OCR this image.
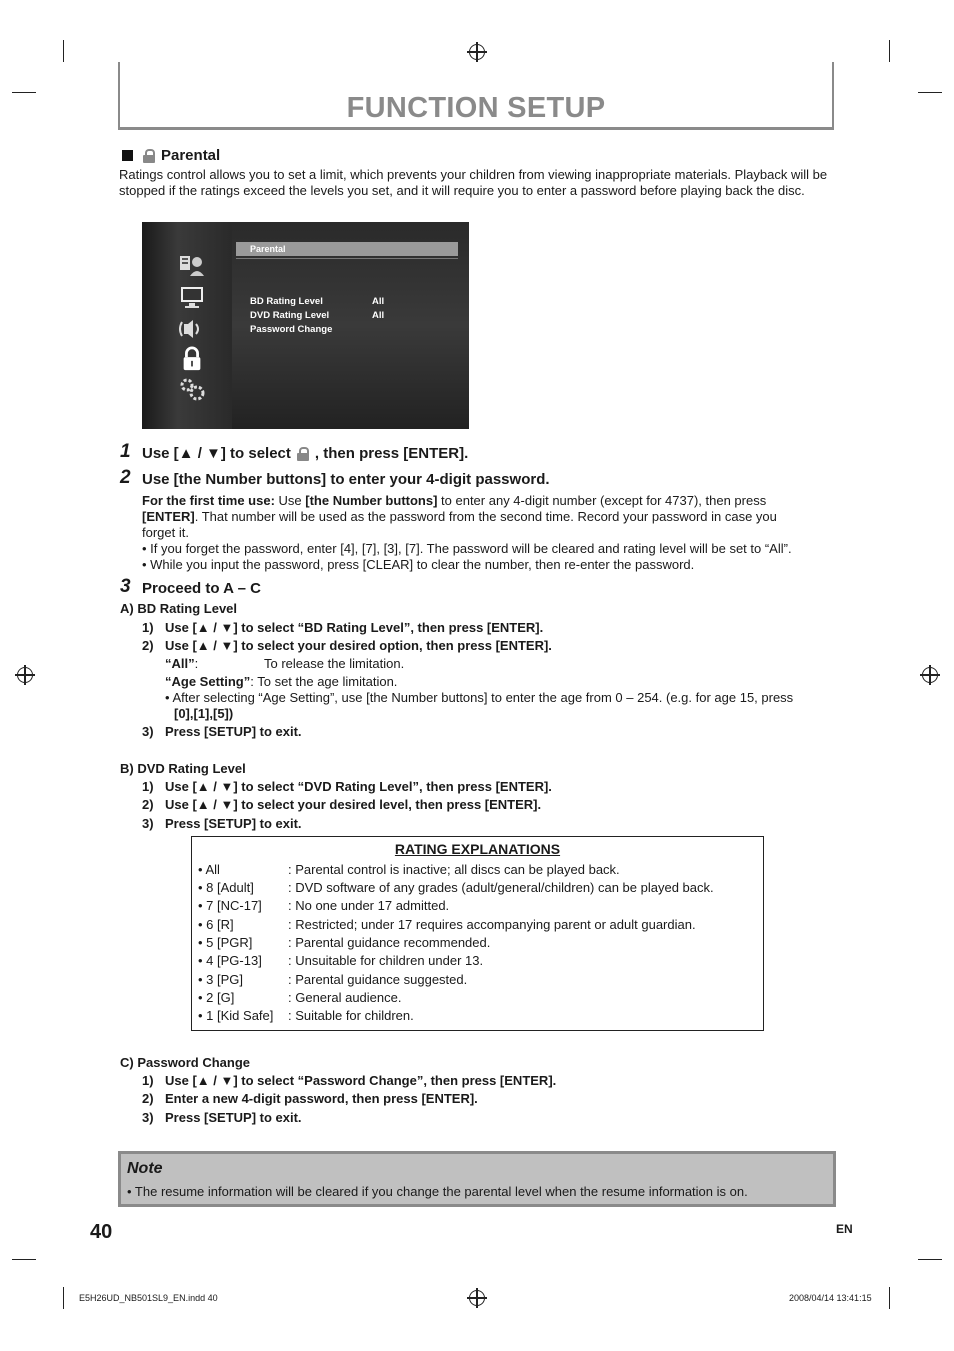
FUNCTION SETUP
Parental
Ratings control allows you to set a limit, which prevents your children from viewing inappropriate materials. Playback will be stopped if the ratings exceed the levels you set, and it will require you to enter a password before playing back the disc.
Parental
BD Rating Level	All
DVD Rating Level	All
Password Change
1 Use [▲ / ▼] to select , then press [ENTER].
2 Use [the Number buttons] to enter your 4-digit password.
For the first time use: Use [the Number buttons] to enter any 4-digit number (except for 4737), then press
[ENTER]. That number will be used as the password from the second time. Record your password in case you
forget it.
• If you forget the password, enter [4], [7], [3], [7]. The password will be cleared and rating level will be set to “All”.
• While you input the password, press [CLEAR] to clear the number, then re-enter the password.
3 Proceed to A – C
A) BD Rating Level
1) Use [▲ / ▼] to select “BD Rating Level”, then press [ENTER].
2) Use [▲ / ▼] to select your desired option, then press [ENTER].
“All”:	To release the limitation.
“Age Setting”: To set the age limitation.
• After selecting “Age Setting”, use [the Number buttons] to enter the age from 0 – 254. (e.g. for age 15, press
[0],[1],[5])
3) Press [SETUP] to exit.
B) DVD Rating Level
1) Use [▲ / ▼] to select “DVD Rating Level”, then press [ENTER].
2) Use [▲ / ▼] to select your desired level, then press [ENTER].
3) Press [SETUP] to exit.
RATING EXPLANATIONS
• All	: Parental control is inactive; all discs can be played back.
• 8 [Adult]	: DVD software of any grades (adult/general/children) can be played back.
• 7 [NC-17]	: No one under 17 admitted.
• 6 [R]	: Restricted; under 17 requires accompanying parent or adult guardian.
• 5 [PGR]	: Parental guidance recommended.
• 4 [PG-13]	: Unsuitable for children under 13.
• 3 [PG]	: Parental guidance suggested.
• 2 [G]	: General audience.
• 1 [Kid Safe]	: Suitable for children.
C) Password Change
1) Use [▲ / ▼] to select “Password Change”, then press [ENTER].
2) Enter a new 4-digit password, then press [ENTER].
3) Press [SETUP] to exit.
Note
• The resume information will be cleared if you change the parental level when the resume information is on.
40	EN
E5H26UD_NB501SL9_EN.indd 40	2008/04/14 13:41:15
